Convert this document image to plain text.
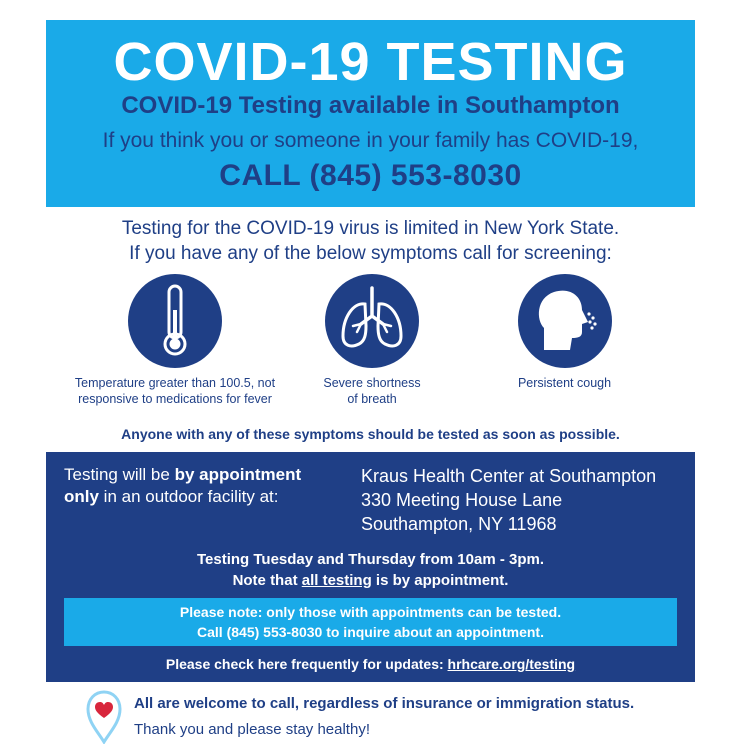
COVID-19 TESTING
COVID-19 Testing available in Southampton
If you think you or someone in your family has COVID-19,
CALL (845) 553-8030
Testing for the COVID-19 virus is limited in New York State.
If you have any of the below symptoms call for screening:
Temperature greater than 100.5, not
responsive to medications for fever
Severe shortness
of breath
Persistent cough
Anyone with any of these symptoms should be tested as soon as possible.
Testing will be by appointment
only in an outdoor facility at:
Kraus Health Center at Southampton
330 Meeting House Lane
Southampton, NY 11968
Testing Tuesday and Thursday from 10am - 3pm.
Note that all testing is by appointment.
Please note: only those with appointments can be tested.
Call (845) 553-8030 to inquire about an appointment.
Please check here frequently for updates: hrhcare.org/testing
All are welcome to call, regardless of insurance or immigration status.
Thank you and please stay healthy!
